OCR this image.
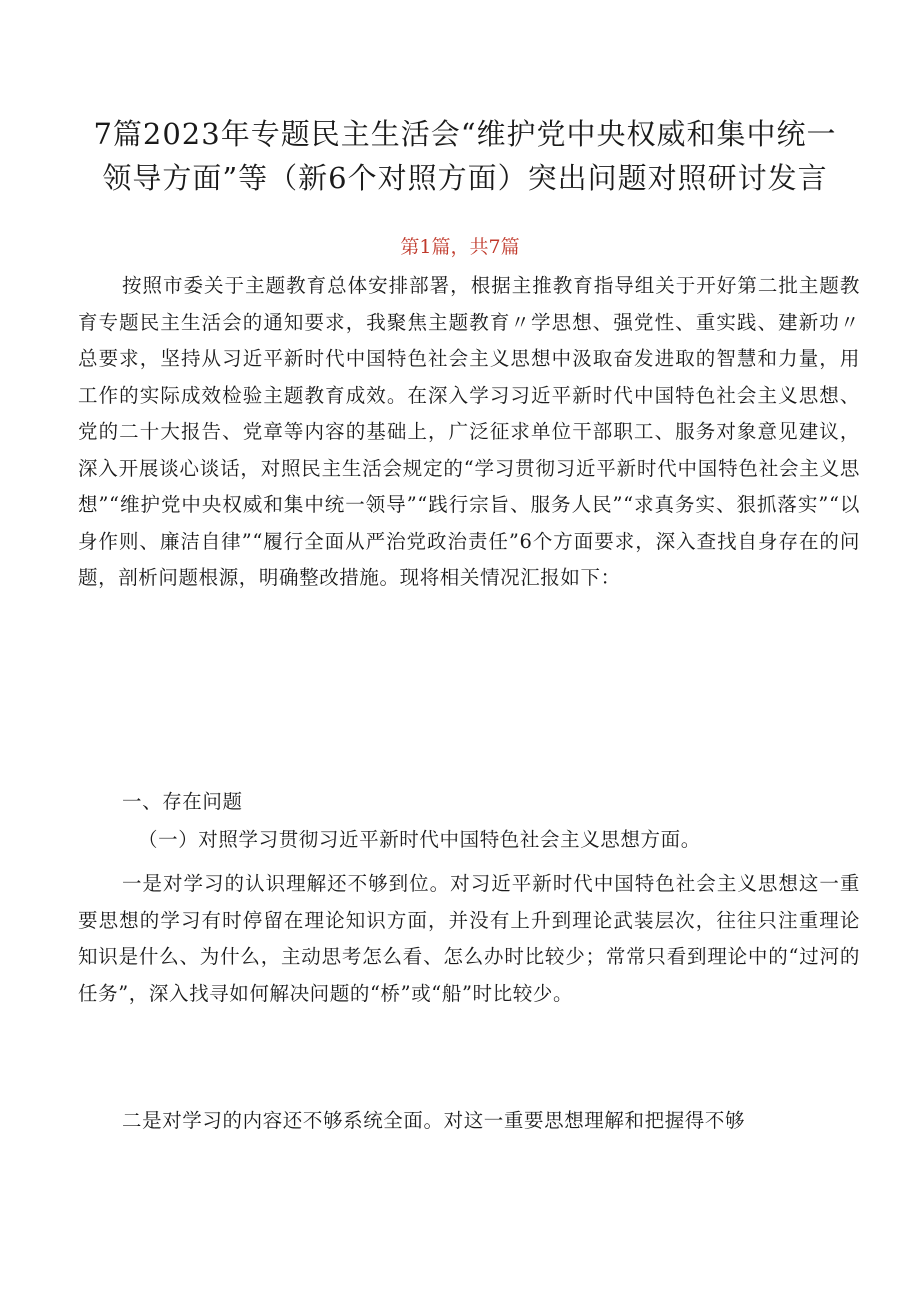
7篇2023年专题民主生活会“维护党中央权威和集中统一
领导方面”等（新6个对照方面）突出问题对照研讨发言

第1篇，共7篇

按照市委关于主题教育总体安排部署，根据主推教育指导组关于开好第二批主题教育专题民主生活会的通知要求，我聚焦主题教育〃学思想、强党性、重实践、建新功〃总要求，坚持从习近平新时代中国特色社会主义思想中汲取奋发进取的智慧和力量，用工作的实际成效检验主题教育成效。在深入学习习近平新时代中国特色社会主义思想、党的二十大报告、党章等内容的基础上，广泛征求单位干部职工、服务对象意见建议，深入开展谈心谈话，对照民主生活会规定的“学习贯彻习近平新时代中国特色社会主义思想”“维护党中央权威和集中统一领导”“践行宗旨、服务人民”“求真务实、狠抓落实”“以身作则、廉洁自律”“履行全面从严治党政治责任”6个方面要求，深入查找自身存在的问题，剖析问题根源，明确整改措施。现将相关情况汇报如下：

一、存在问题

（一）对照学习贯彻习近平新时代中国特色社会主义思想方面。

一是对学习的认识理解还不够到位。对习近平新时代中国特色社会主义思想这一重要思想的学习有时停留在理论知识方面，并没有上升到理论武装层次，往往只注重理论知识是什么、为什么，主动思考怎么看、怎么办时比较少；常常只看到理论中的“过河的任务”，深入找寻如何解决问题的“桥”或“船”时比较少。

二是对学习的内容还不够系统全面。对这一重要思想理解和把握得不够
